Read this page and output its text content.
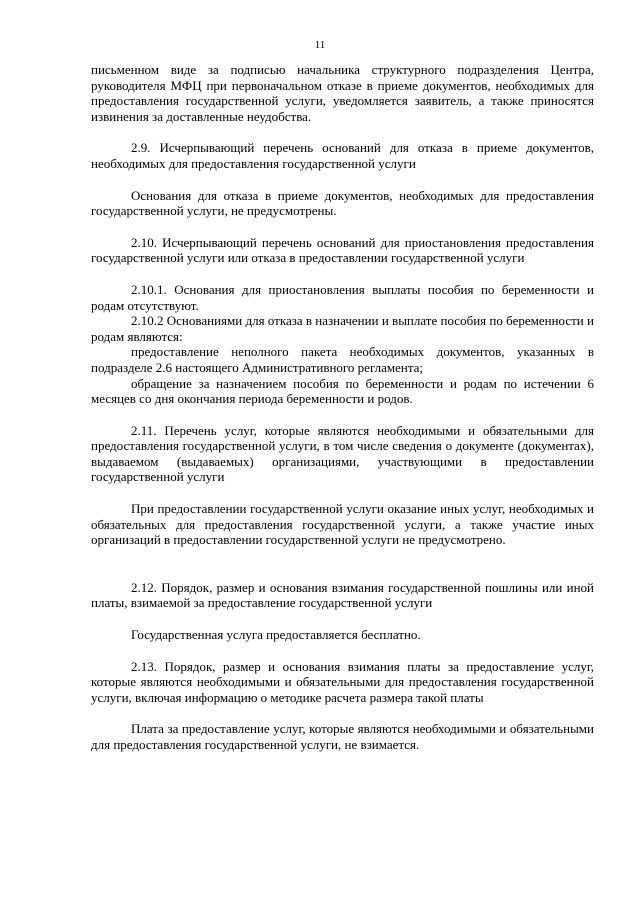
11

письменном виде за подписью начальника структурного подразделения Центра, руководителя МФЦ при первоначальном отказе в приеме документов, необходимых для предоставления государственной услуги, уведомляется заявитель, а также приносятся извинения за доставленные неудобства.

2.9. Исчерпывающий перечень оснований для отказа в приеме документов, необходимых для предоставления государственной услуги

Основания для отказа в приеме документов, необходимых для предоставления государственной услуги, не предусмотрены.

2.10. Исчерпывающий перечень оснований для приостановления предоставления государственной услуги или отказа в предоставлении государственной услуги

2.10.1. Основания для приостановления выплаты пособия по беременности и родам отсутствуют.

2.10.2 Основаниями для отказа в назначении и выплате пособия по беременности и родам являются:

предоставление неполного пакета необходимых документов, указанных в подразделе 2.6 настоящего Административного регламента;

обращение за назначением пособия по беременности и родам по истечении 6 месяцев со дня окончания периода беременности и родов.

2.11. Перечень услуг, которые являются необходимыми и обязательными для предоставления государственной услуги, в том числе сведения о документе (документах), выдаваемом (выдаваемых) организациями, участвующими в предоставлении государственной услуги

При предоставлении государственной услуги оказание иных услуг, необходимых и обязательных для предоставления государственной услуги, а также участие иных организаций в предоставлении государственной услуги не предусмотрено.

2.12. Порядок, размер и основания взимания государственной пошлины или иной платы, взимаемой за предоставление государственной услуги

Государственная услуга предоставляется бесплатно.

2.13. Порядок, размер и основания взимания платы за предоставление услуг, которые являются необходимыми и обязательными для предоставления государственной услуги, включая информацию о методике расчета размера такой платы

Плата за предоставление услуг, которые являются необходимыми и обязательными для предоставления государственной услуги, не взимается.
